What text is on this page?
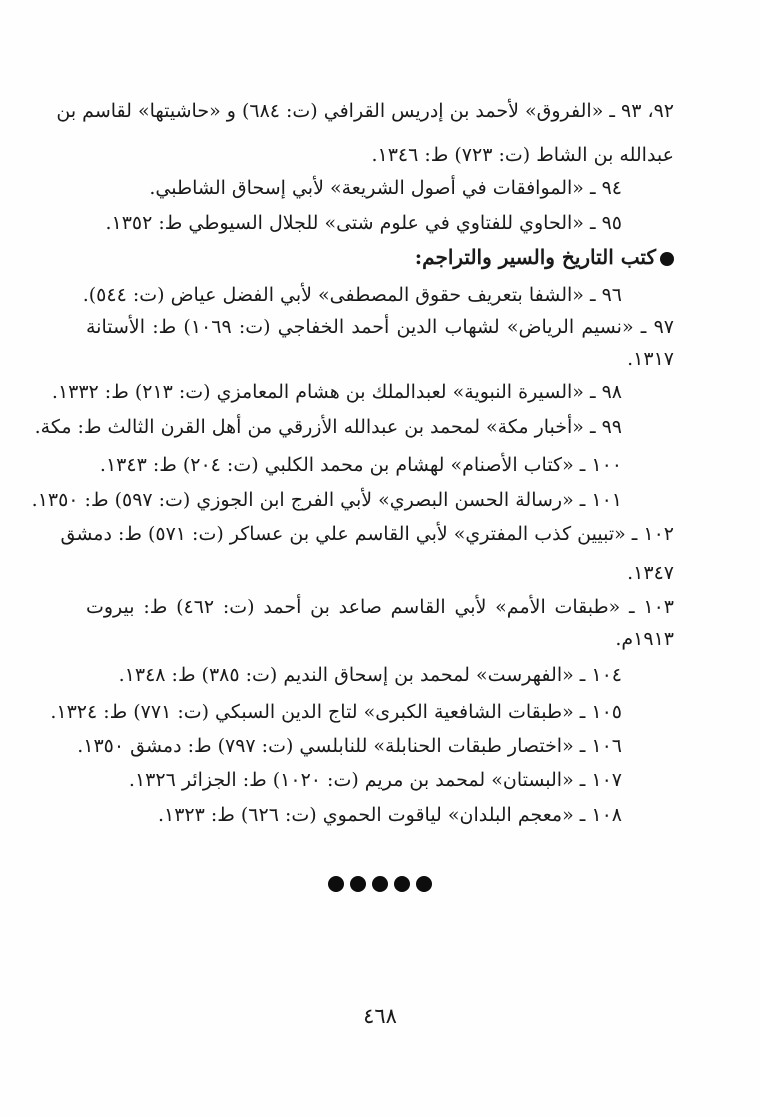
٩٢، ٩٣ ـ «الفروق» لأحمد بن إدريس القرافي (ت: ٦٨٤) و «حاشيتها» لقاسم بن
عبدالله بن الشاط (ت: ٧٢٣) ط: ١٣٤٦.
٩٤ ـ «الموافقات في أصول الشريعة» لأبي إسحاق الشاطبي.
٩٥ ـ «الحاوي للفتاوي في علوم شتى» للجلال السيوطي ط: ١٣٥٢.
كتب التاريخ والسير والتراجم:
٩٦ ـ «الشفا بتعريف حقوق المصطفى» لأبي الفضل عياض (ت: ٥٤٤).
٩٧ ـ «نسيم الرياض» لشهاب الدين أحمد الخفاجي (ت: ١٠٦٩) ط: الأستانة
١٣١٧.
٩٨ ـ «السيرة النبوية» لعبدالملك بن هشام المعامزي (ت: ٢١٣) ط: ١٣٣٢.
٩٩ ـ «أخبار مكة» لمحمد بن عبدالله الأزرقي من أهل القرن الثالث ط: مكة.
١٠٠ ـ «كتاب الأصنام» لهشام بن محمد الكلبي (ت: ٢٠٤) ط: ١٣٤٣.
١٠١ ـ «رسالة الحسن البصري» لأبي الفرج ابن الجوزي (ت: ٥٩٧) ط: ١٣٥٠.
١٠٢ ـ «تبيين كذب المفتري» لأبي القاسم علي بن عساكر (ت: ٥٧١) ط: دمشق
١٣٤٧.
١٠٣ ـ «طبقات الأمم» لأبي القاسم صاعد بن أحمد (ت: ٤٦٢) ط: بيروت
١٩١٣م.
١٠٤ ـ «الفهرست» لمحمد بن إسحاق النديم (ت: ٣٨٥) ط: ١٣٤٨.
١٠٥ ـ «طبقات الشافعية الكبرى» لتاج الدين السبكي (ت: ٧٧١) ط: ١٣٢٤.
١٠٦ ـ «اختصار طبقات الحنابلة» للنابلسي (ت: ٧٩٧) ط: دمشق ١٣٥٠.
١٠٧ ـ «البستان» لمحمد بن مريم (ت: ١٠٢٠) ط: الجزائر ١٣٢٦.
١٠٨ ـ «معجم البلدان» لياقوت الحموي (ت: ٦٢٦) ط: ١٣٢٣.
٤٦٨
